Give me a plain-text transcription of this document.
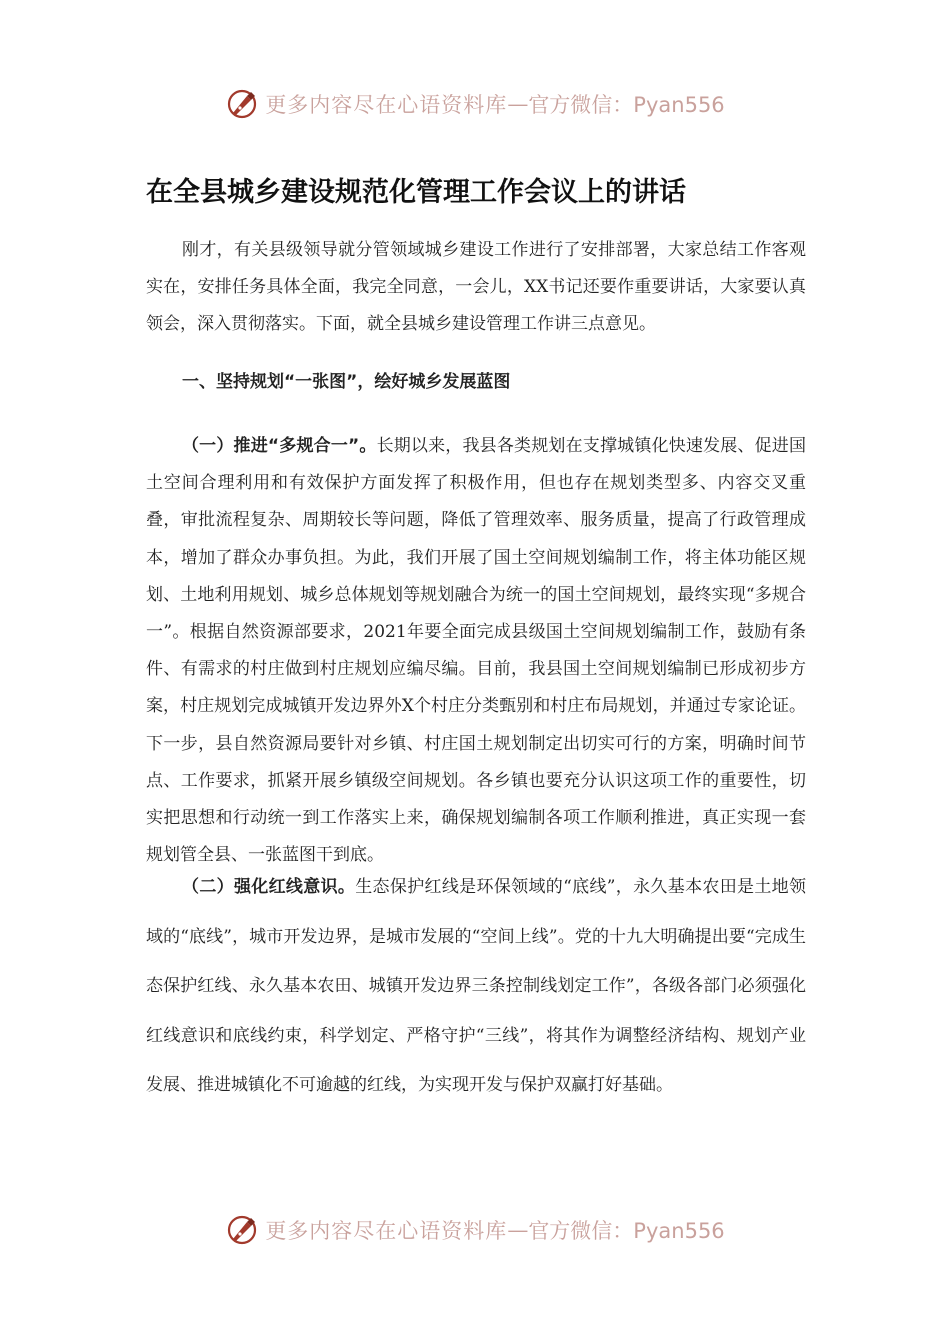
更多内容尽在心语资料库 — 官方微信：Pyan556
在全县城乡建设规范化管理工作会议上的讲话

刚才，有关县级领导就分管领域城乡建设工作进行了安排部署，大家总结工作客观实在，安排任务具体全面，我完全同意，一会儿，XX书记还要作重要讲话，大家要认真领会，深入贯彻落实。下面，就全县城乡建设管理工作讲三点意见。

一、坚持规划“一张图”，绘好城乡发展蓝图

（一）推进“多规合一”。长期以来，我县各类规划在支撑城镇化快速发展、促进国土空间合理利用和有效保护方面发挥了积极作用，但也存在规划类型多、内容交叉重叠，审批流程复杂、周期较长等问题，降低了管理效率、服务质量，提高了行政管理成本，增加了群众办事负担。为此，我们开展了国土空间规划编制工作，将主体功能区规划、土地利用规划、城乡总体规划等规划融合为统一的国土空间规划，最终实现“多规合一”。根据自然资源部要求，2021年要全面完成县级国土空间规划编制工作，鼓励有条件、有需求的村庄做到村庄规划应编尽编。目前，我县国土空间规划编制已形成初步方案，村庄规划完成城镇开发边界外X个村庄分类甄别和村庄布局规划，并通过专家论证。下一步，县自然资源局要针对乡镇、村庄国土规划制定出切实可行的方案，明确时间节点、工作要求，抓紧开展乡镇级空间规划。各乡镇也要充分认识这项工作的重要性，切实把思想和行动统一到工作落实上来，确保规划编制各项工作顺利推进，真正实现一套规划管全县、一张蓝图干到底。

（二）强化红线意识。生态保护红线是环保领域的“底线”，永久基本农田是土地领域的“底线”，城市开发边界，是城市发展的“空间上线”。党的十九大明确提出要“完成生态保护红线、永久基本农田、城镇开发边界三条控制线划定工作”，各级各部门必须强化红线意识和底线约束，科学划定、严格守护“三线”，将其作为调整经济结构、规划产业发展、推进城镇化不可逾越的红线，为实现开发与保护双赢打好基础。

更多内容尽在心语资料库 — 官方微信：Pyan556
